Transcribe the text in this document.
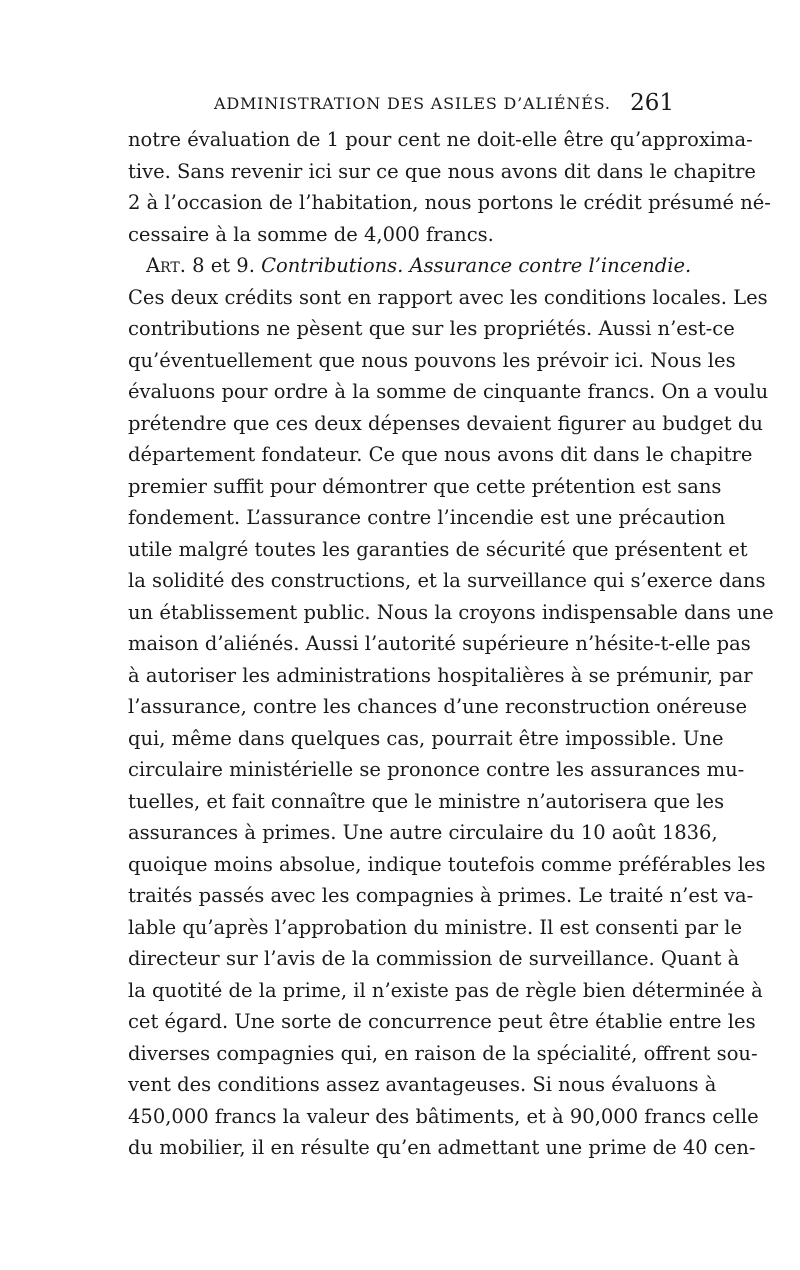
ADMINISTRATION DES ASILES D’ALIÉNÉS. 261
notre évaluation de 1 pour cent ne doit-elle être qu’approxima-
tive. Sans revenir ici sur ce que nous avons dit dans le chapitre
2 à l’occasion de l’habitation, nous portons le crédit présumé né-
cessaire à la somme de 4,000 francs.
Art. 8 et 9. Contributions. Assurance contre l’incendie.
Ces deux crédits sont en rapport avec les conditions locales. Les
contributions ne pèsent que sur les propriétés. Aussi n’est-ce
qu’éventuellement que nous pouvons les prévoir ici. Nous les
évaluons pour ordre à la somme de cinquante francs. On a voulu
prétendre que ces deux dépenses devaient figurer au budget du
département fondateur. Ce que nous avons dit dans le chapitre
premier suffit pour démontrer que cette prétention est sans
fondement. L’assurance contre l’incendie est une précaution
utile malgré toutes les garanties de sécurité que présentent et
la solidité des constructions, et la surveillance qui s’exerce dans
un établissement public. Nous la croyons indispensable dans une
maison d’aliénés. Aussi l’autorité supérieure n’hésite-t-elle pas
à autoriser les administrations hospitalières à se prémunir, par
l’assurance, contre les chances d’une reconstruction onéreuse
qui, même dans quelques cas, pourrait être impossible. Une
circulaire ministérielle se prononce contre les assurances mu-
tuelles, et fait connaître que le ministre n’autorisera que les
assurances à primes. Une autre circulaire du 10 août 1836,
quoique moins absolue, indique toutefois comme préférables les
traités passés avec les compagnies à primes. Le traité n’est va-
lable qu’après l’approbation du ministre. Il est consenti par le
directeur sur l’avis de la commission de surveillance. Quant à
la quotité de la prime, il n’existe pas de règle bien déterminée à
cet égard. Une sorte de concurrence peut être établie entre les
diverses compagnies qui, en raison de la spécialité, offrent sou-
vent des conditions assez avantageuses. Si nous évaluons à
450,000 francs la valeur des bâtiments, et à 90,000 francs celle
du mobilier, il en résulte qu’en admettant une prime de 40 cen-
